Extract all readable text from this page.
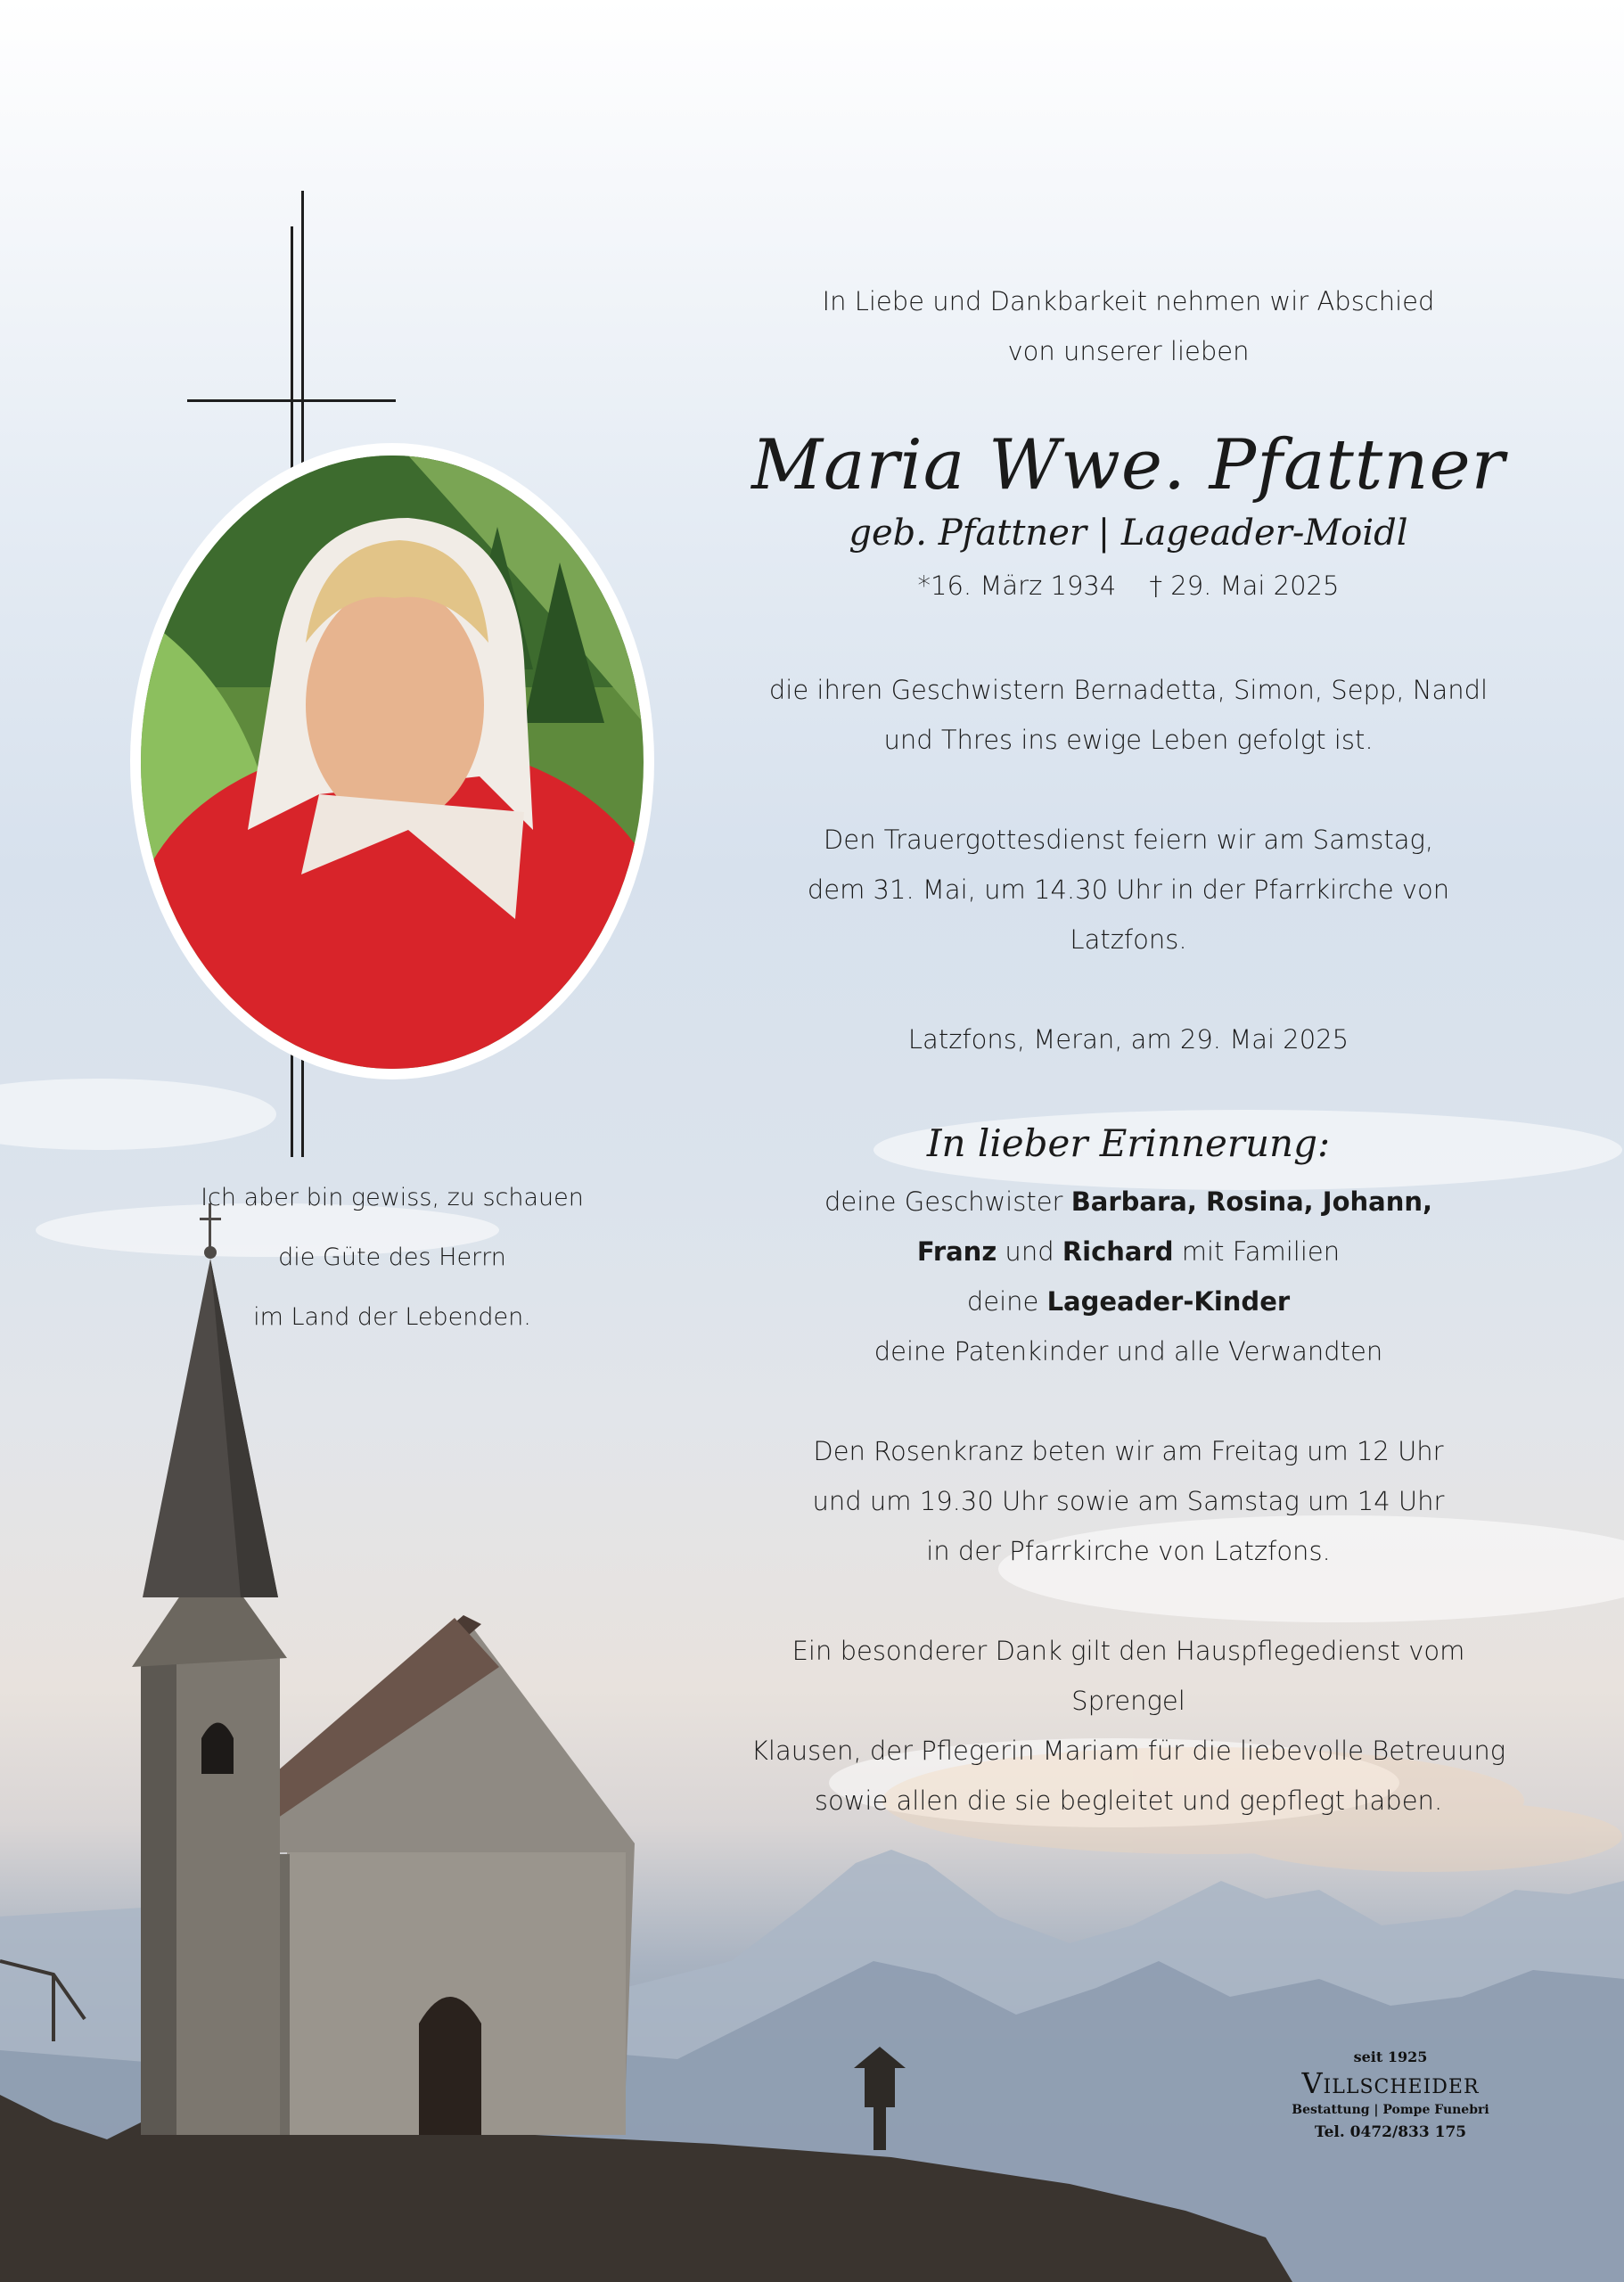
In Liebe und Dankbarkeit nehmen wir Abschied

von unserer lieben

Maria Wwe. Pfattner

geb. Pfattner | Lageader-Moidl

*16. März 1934 † 29. Mai 2025

die ihren Geschwistern Bernadetta, Simon, Sepp, Nandl

und Thres ins ewige Leben gefolgt ist.

Den Trauergottesdienst feiern wir am Samstag,

dem 31. Mai, um 14.30 Uhr in der Pfarrkirche von Latzfons.

Latzfons, Meran, am 29. Mai 2025

In lieber Erinnerung:

deine Geschwister Barbara, Rosina, Johann,

Franz und Richard mit Familien

deine Lageader-Kinder

deine Patenkinder und alle Verwandten

Den Rosenkranz beten wir am Freitag um 12 Uhr

und um 19.30 Uhr sowie am Samstag um 14 Uhr

in der Pfarrkirche von Latzfons.

Ein besonderer Dank gilt den Hauspflegedienst vom Sprengel

Klausen, der Pflegerin Mariam für die liebevolle Betreuung

sowie allen die sie begleitet und gepflegt haben.

Ich aber bin gewiss, zu schauen
die Güte des Herrn
im Land der Lebenden.
seit 1925
Villscheider
Bestattung | Pompe Funebri
Tel. 0472/833 175
